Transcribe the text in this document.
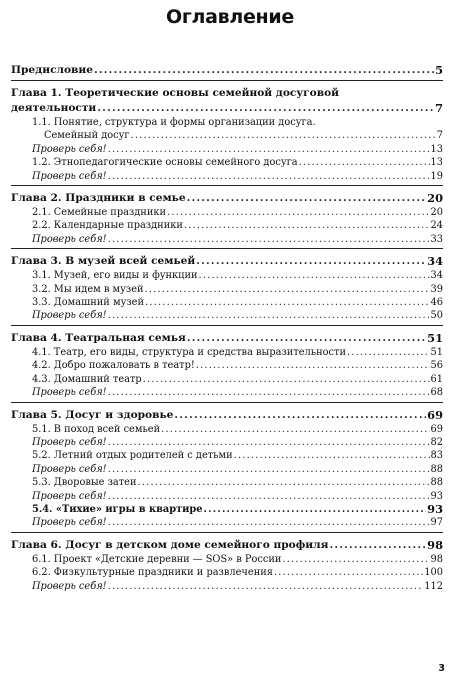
Оглавление
Предисловие .....	5
Глава 1. Теоретические основы семейной досуговой
деятельности .....	7
1.1. Понятие, структура и формы организации досуга.
Семейный досуг .....	7
Проверь себя! .....	13
1.2. Этнопедагогические основы семейного досуга .....	13
Проверь себя! .....	19
Глава 2. Праздники в семье .....	20
2.1. Семейные праздники .....	20
2.2. Календарные праздники .....	24
Проверь себя! .....	33
Глава 3. В музей всей семьей .....	34
3.1. Музей, его виды и функции .....	34
3.2. Мы идем в музей .....	39
3.3. Домашний музей .....	46
Проверь себя! .....	50
Глава 4. Театральная семья .....	51
4.1. Театр, его виды, структура и средства выразительности .....	51
4.2. Добро пожаловать в театр! .....	56
4.3. Домашний театр .....	61
Проверь себя! .....	68
Глава 5. Досуг и здоровье .....	69
5.1. В поход всей семьей .....	69
Проверь себя! .....	82
5.2. Летний отдых родителей с детьми .....	83
Проверь себя! .....	88
5.3. Дворовые затеи .....	88
Проверь себя! .....	93
5.4. «Тихие» игры в квартире .....	93
Проверь себя! .....	97
Глава 6. Досуг в детском доме семейного профиля .....	98
6.1. Проект «Детские деревни — SOS» в России .....	98
6.2. Физкультурные праздники и развлечения .....	100
Проверь себя! .....	112
3
